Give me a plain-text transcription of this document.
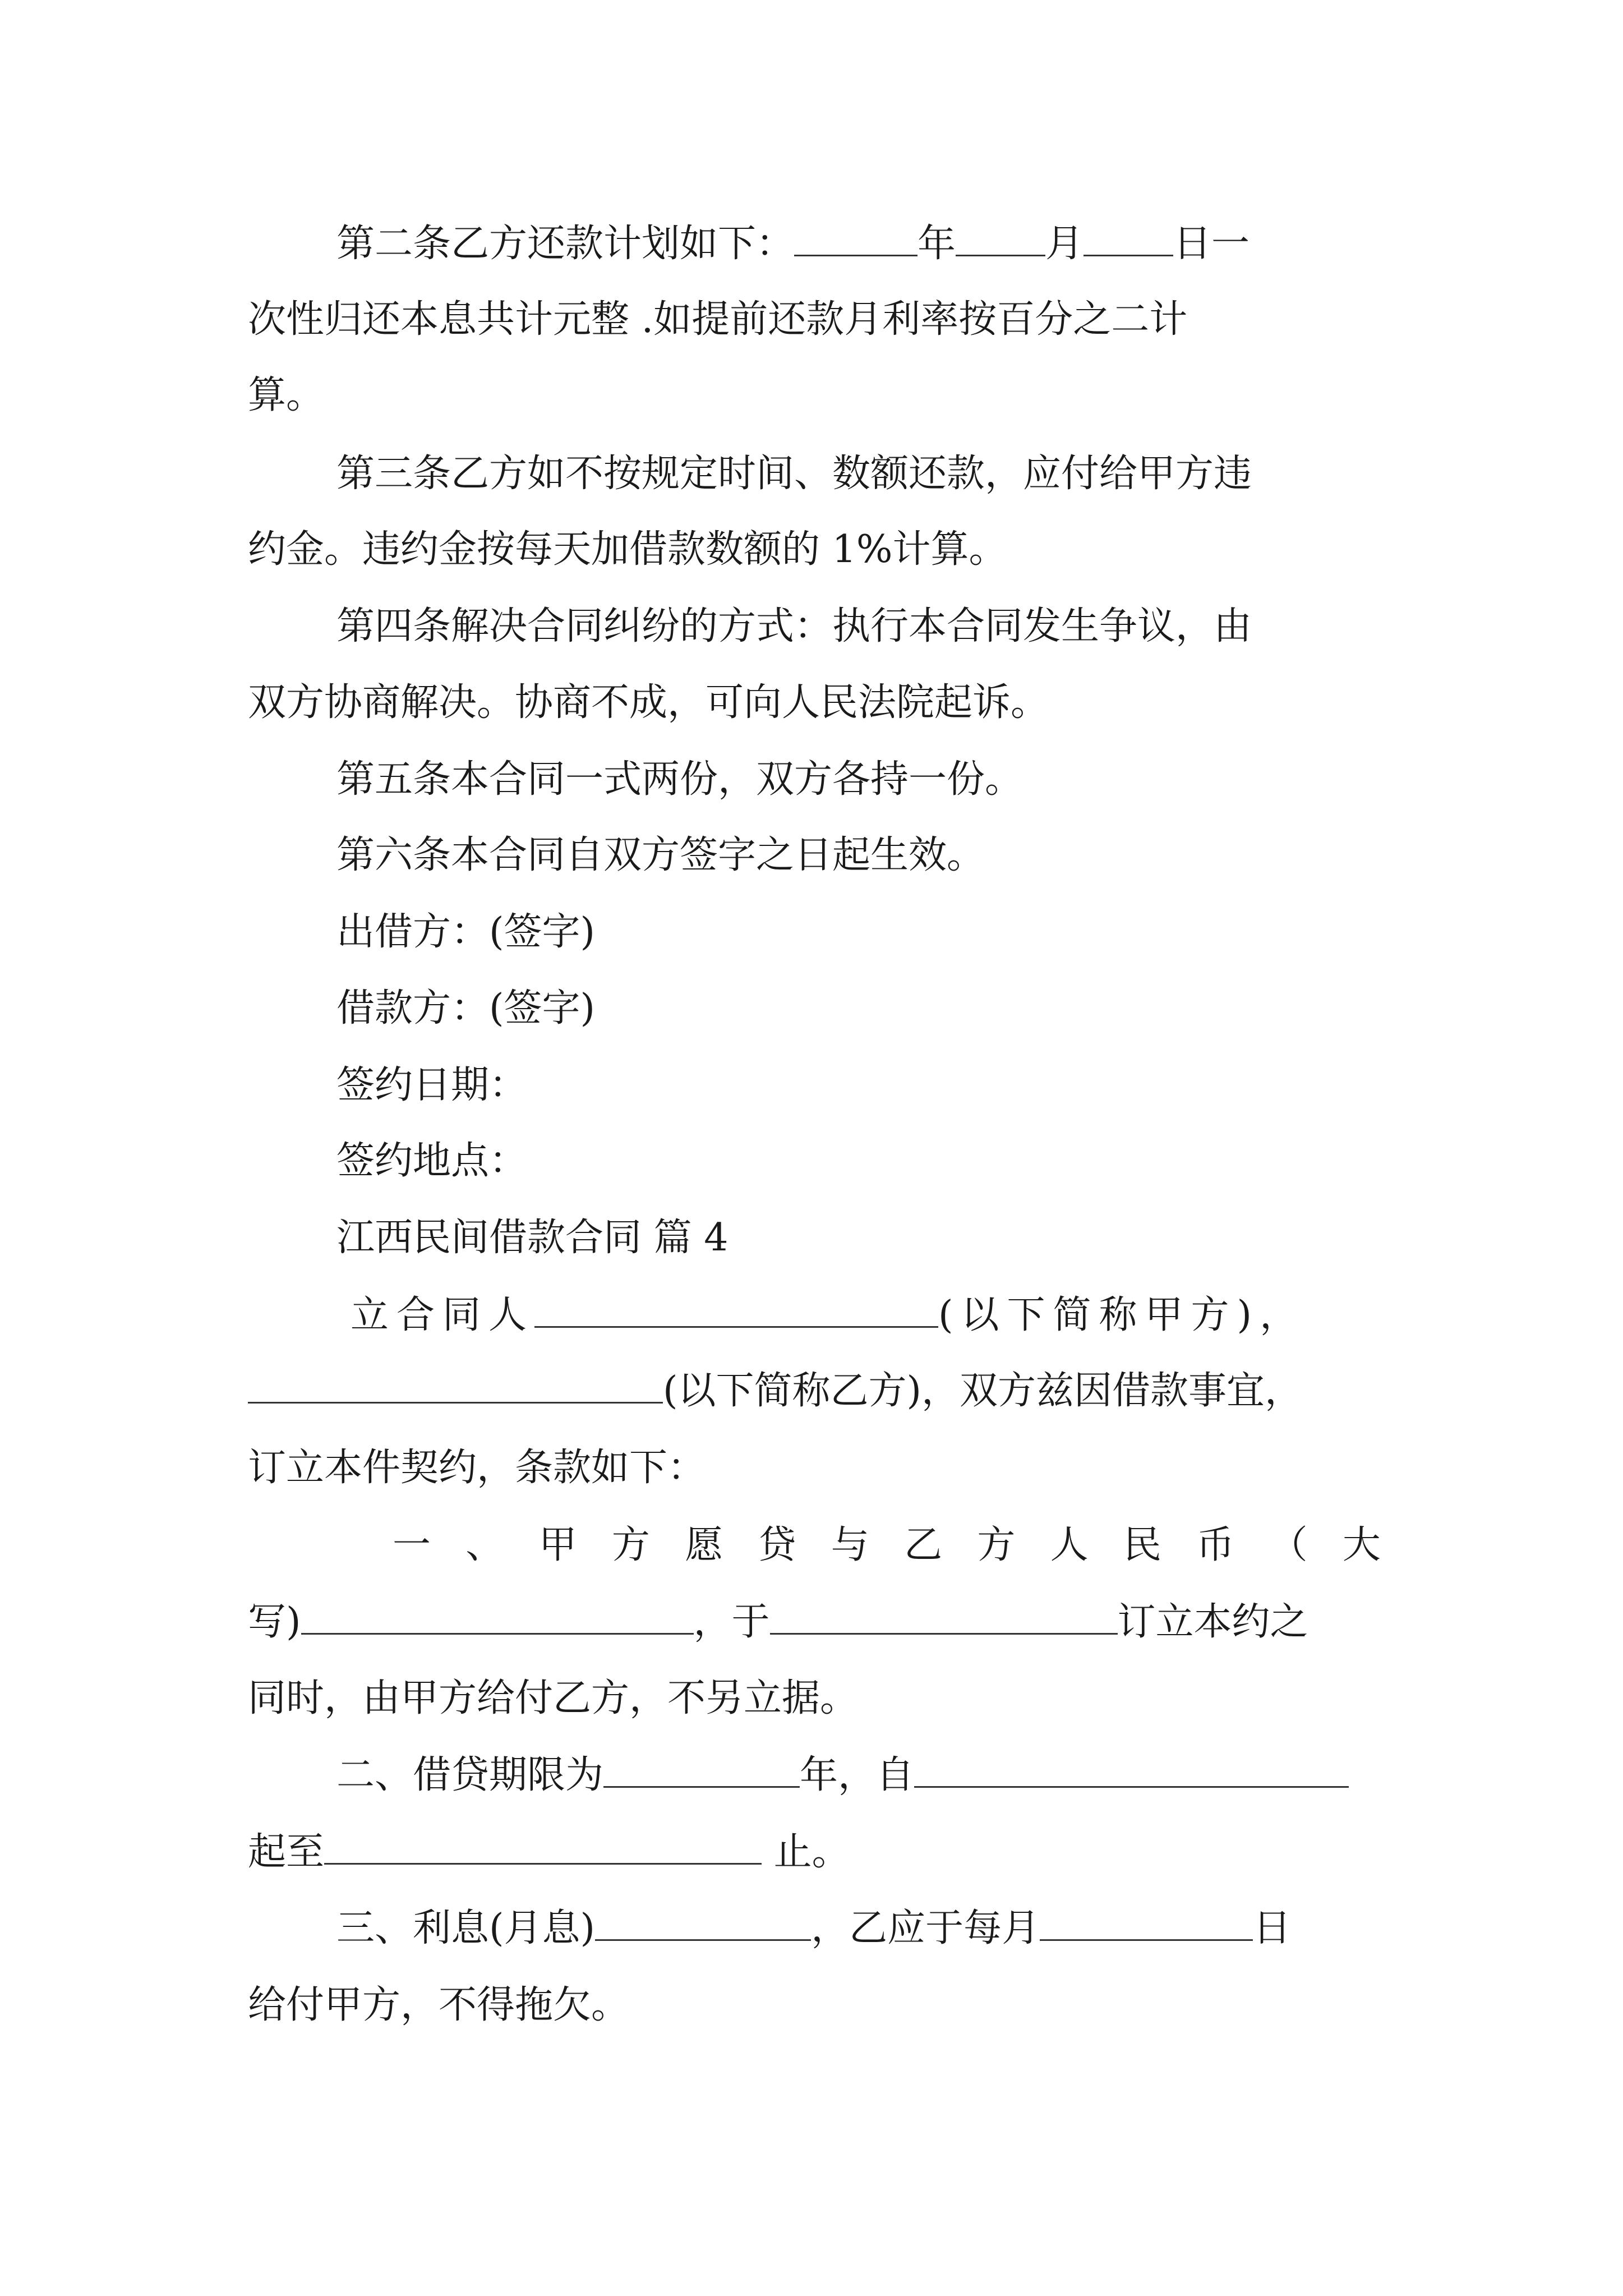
第二条乙方还款计划如下：	年 月 日一
次性归还本息共计元整 .如提前还款月利率按百分之二计
算。
第三条乙方如不按规定时间、数额还款，应付给甲方违
约金。违约金按每天加借款数额的 1%计算。
第四条解决合同纠纷的方式：执行本合同发生争议，由
双方协商解决。协商不成，可向人民法院起诉。
第五条本合同一式两份，双方各持一份。
第六条本合同自双方签字之日起生效。
出借方：(签字)
借款方：(签字)
签约日期：
签约地点：
江西民间借款合同 篇 4
立合同人	(以下简称甲方)，
(以下简称乙方)，双方兹因借款事宜，
订立本件契约，条款如下：
一 、 甲 方 愿 贷 与 乙 方 人 民 币 （ 大
写)	，于	订立本约之
同时，由甲方给付乙方，不另立据。
二、借贷期限为	年，自
起至	止。
三、利息(月息)	，乙应于每月	日
给付甲方，不得拖欠。
